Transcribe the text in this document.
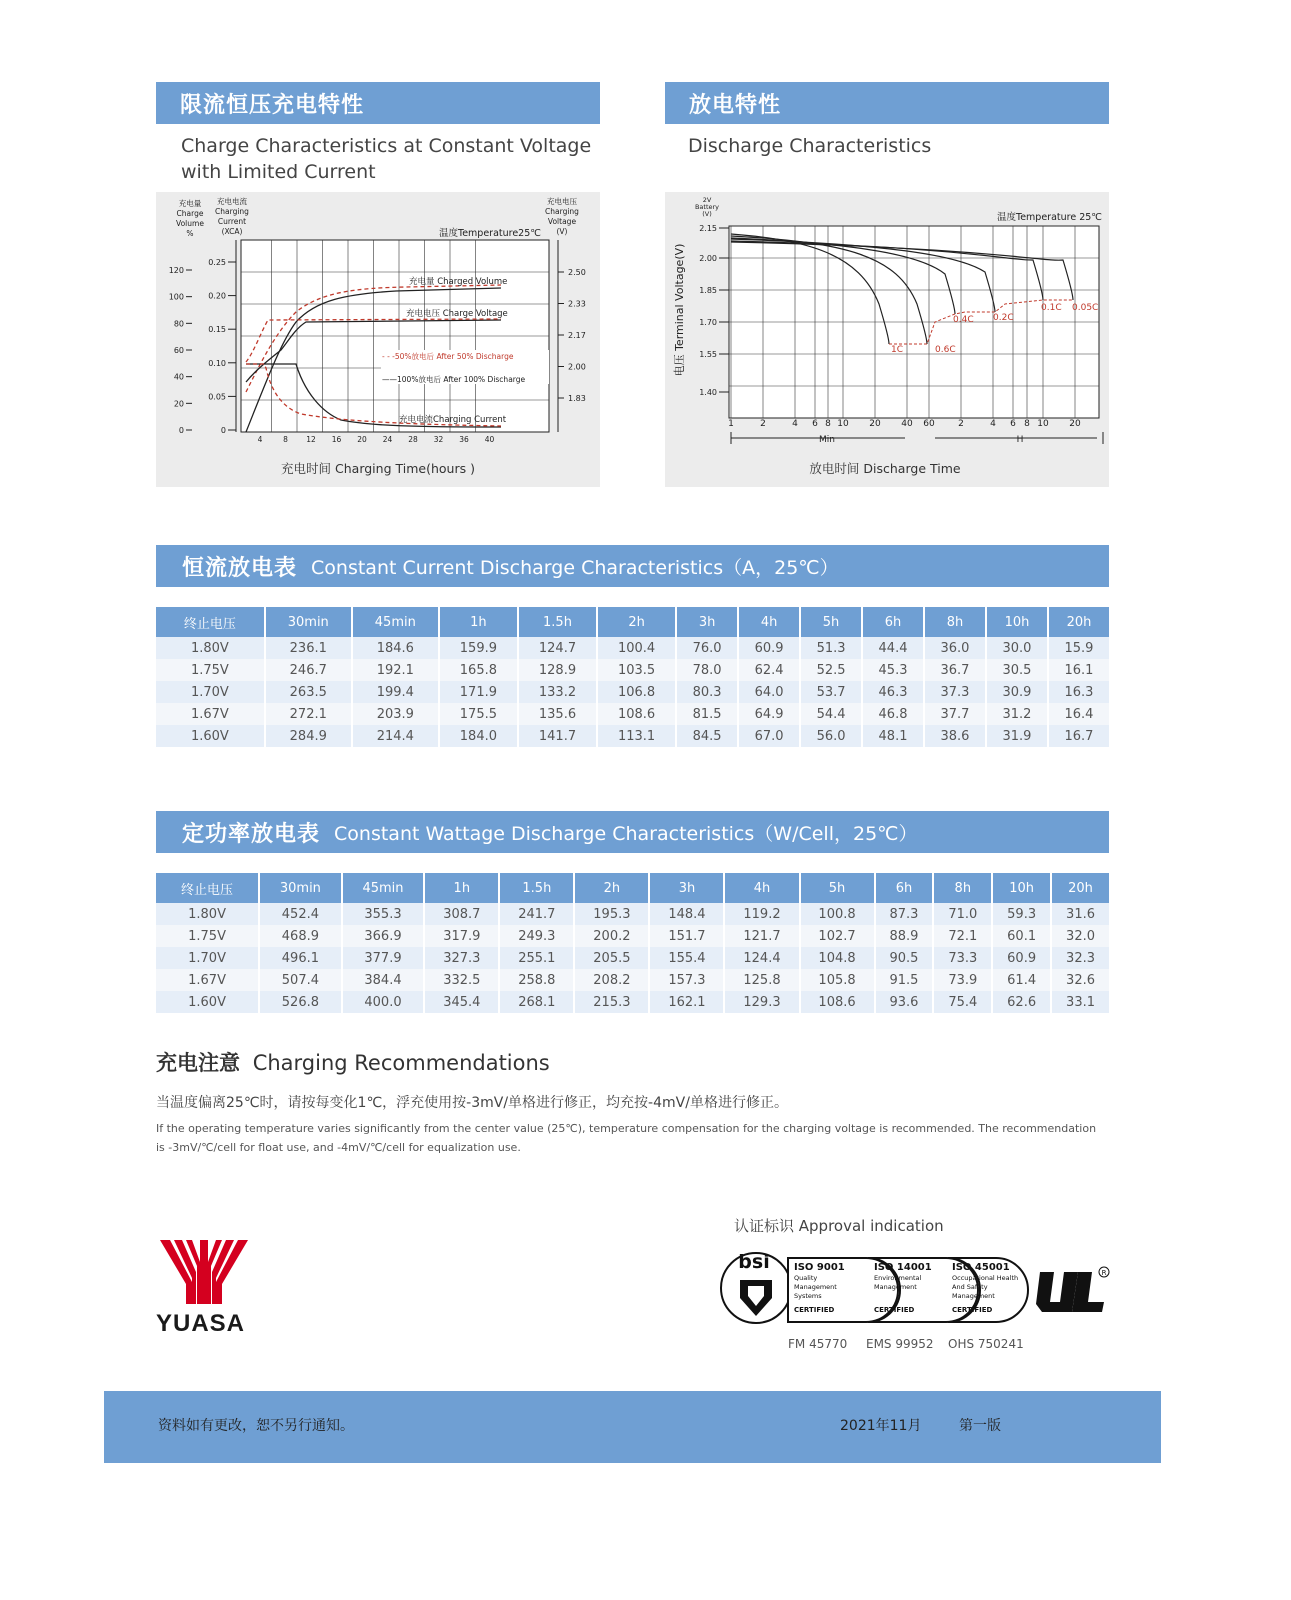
限流恒压充电特性
Charge Characteristics at Constant Voltage with Limited Current
充电量
Charge
Volume
%
充电电流
Charging
Current
(XCA)
充电电压
Charging
Voltage
(V)
温度Temperature25℃
120
100
80
60
40
20
0
0.25
0.20
0.15
0.10
0.05
0
2.50
2.33
2.17
2.00
1.83
4	8 12 16 20 24 28 32 36 40
充电量 Charged Volume
充电电压 Charge Voltage
- - -50%放电后 After 50% Discharge
——100%放电后 After 100% Discharge
充电电流Charging Current
充电时间 Charging Time(hours )
放电特性
Discharge Characteristics
2V
Battery
(V)
电压 Terminal Voltage(V)
温度Temperature 25℃
2.15
2.00
1.85
1.70
1.55
1.40
1	2	4 6 8 10 20 40 60	2	4 6 8 10 20
1C	0.6C
0.4C 0.2C
0.1C 0.05C
Min	H
放电时间 Discharge Time
恒流放电表 Constant Current Discharge Characteristics（A，25℃）
终止电压	30min	45min	1h	1.5h	2h	3h	4h	5h	6h	8h	10h	20h
1.80V	236.1	184.6	159.9	124.7	100.4	76.0	60.9	51.3	44.4	36.0	30.0	15.9
1.75V	246.7	192.1	165.8	128.9	103.5	78.0	62.4	52.5	45.3	36.7	30.5	16.1
1.70V	263.5	199.4	171.9	133.2	106.8	80.3	64.0	53.7	46.3	37.3	30.9	16.3
1.67V	272.1	203.9	175.5	135.6	108.6	81.5	64.9	54.4	46.8	37.7	31.2	16.4
1.60V	284.9	214.4	184.0	141.7	113.1	84.5	67.0	56.0	48.1	38.6	31.9	16.7
定功率放电表 Constant Wattage Discharge Characteristics（W/Cell，25℃）
终止电压	30min	45min	1h	1.5h	2h	3h	4h	5h	6h	8h	10h	20h
1.80V	452.4	355.3	308.7	241.7	195.3	148.4	119.2	100.8	87.3	71.0	59.3	31.6
1.75V	468.9	366.9	317.9	249.3	200.2	151.7	121.7	102.7	88.9	72.1	60.1	32.0
1.70V	496.1	377.9	327.3	255.1	205.5	155.4	124.4	104.8	90.5	73.3	60.9	32.3
1.67V	507.4	384.4	332.5	258.8	208.2	157.3	125.8	105.8	91.5	73.9	61.4	32.6
1.60V	526.8	400.0	345.4	268.1	215.3	162.1	129.3	108.6	93.6	75.4	62.6	33.1
充电注意 Charging Recommendations
当温度偏离25℃时，请按每变化1℃，浮充使用按-3mV/单格进行修正，均充按-4mV/单格进行修正。
If the operating temperature varies significantly from the center value (25℃), temperature compensation for the charging voltage is recommended. The recommendation
is -3mV/℃/cell for float use, and -4mV/℃/cell for equalization use.
YUASA
认证标识 Approval indication
bsi ISO 9001
Quality
Management
Systems
CERTIFIED
ISO 14001
Environmental
Management
CERTIFIED
ISO 45001
Occupational Health
And Safety
Management
CERTIFIED
R
FM 45770 EMS 99952 OHS 750241
资料如有更改，恕不另行通知。	2021年11月	第一版
